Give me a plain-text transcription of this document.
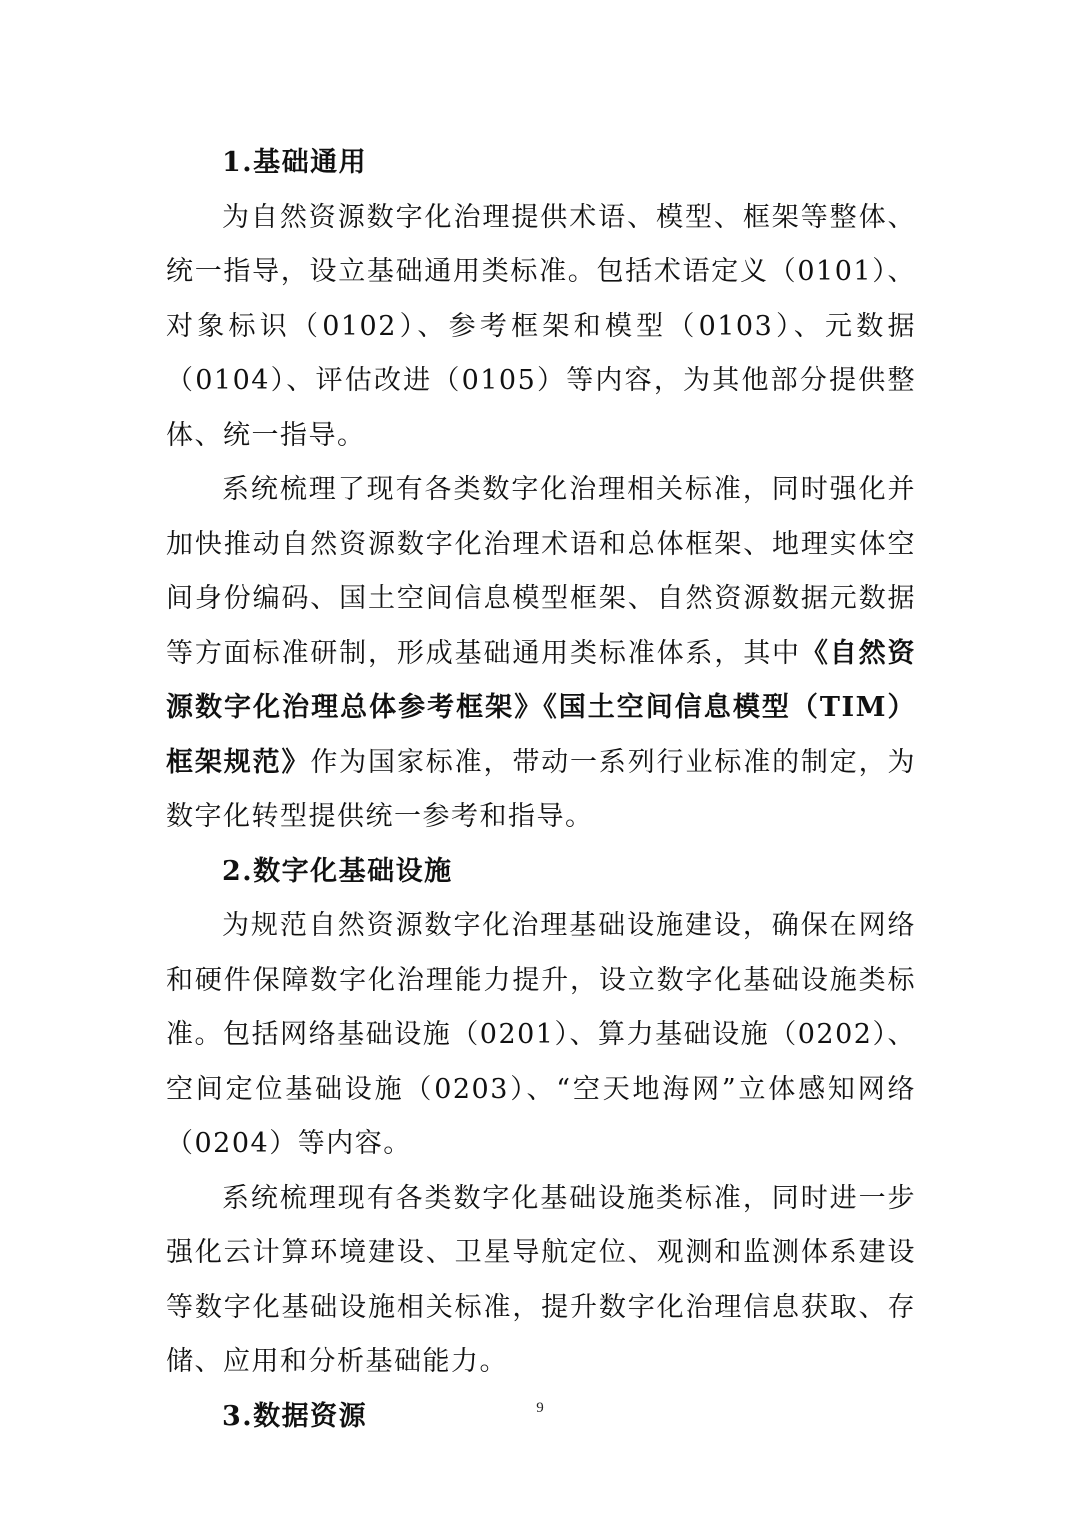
1.基础通用

为自然资源数字化治理提供术语、模型、框架等整体、统一指导，设立基础通用类标准。包括术语定义（0101）、对象标识（0102）、参考框架和模型（0103）、元数据（0104）、评估改进（0105）等内容，为其他部分提供整体、统一指导。

系统梳理了现有各类数字化治理相关标准，同时强化并加快推动自然资源数字化治理术语和总体框架、地理实体空间身份编码、国土空间信息模型框架、自然资源数据元数据等方面标准研制，形成基础通用类标准体系，其中《自然资源数字化治理总体参考框架》《国土空间信息模型（TIM）框架规范》作为国家标准，带动一系列行业标准的制定，为数字化转型提供统一参考和指导。

2.数字化基础设施

为规范自然资源数字化治理基础设施建设，确保在网络和硬件保障数字化治理能力提升，设立数字化基础设施类标准。包括网络基础设施（0201）、算力基础设施（0202）、空间定位基础设施（0203）、“空天地海网”立体感知网络（0204）等内容。

系统梳理现有各类数字化基础设施类标准，同时进一步强化云计算环境建设、卫星导航定位、观测和监测体系建设等数字化基础设施相关标准，提升数字化治理信息获取、存储、应用和分析基础能力。

3.数据资源	9
